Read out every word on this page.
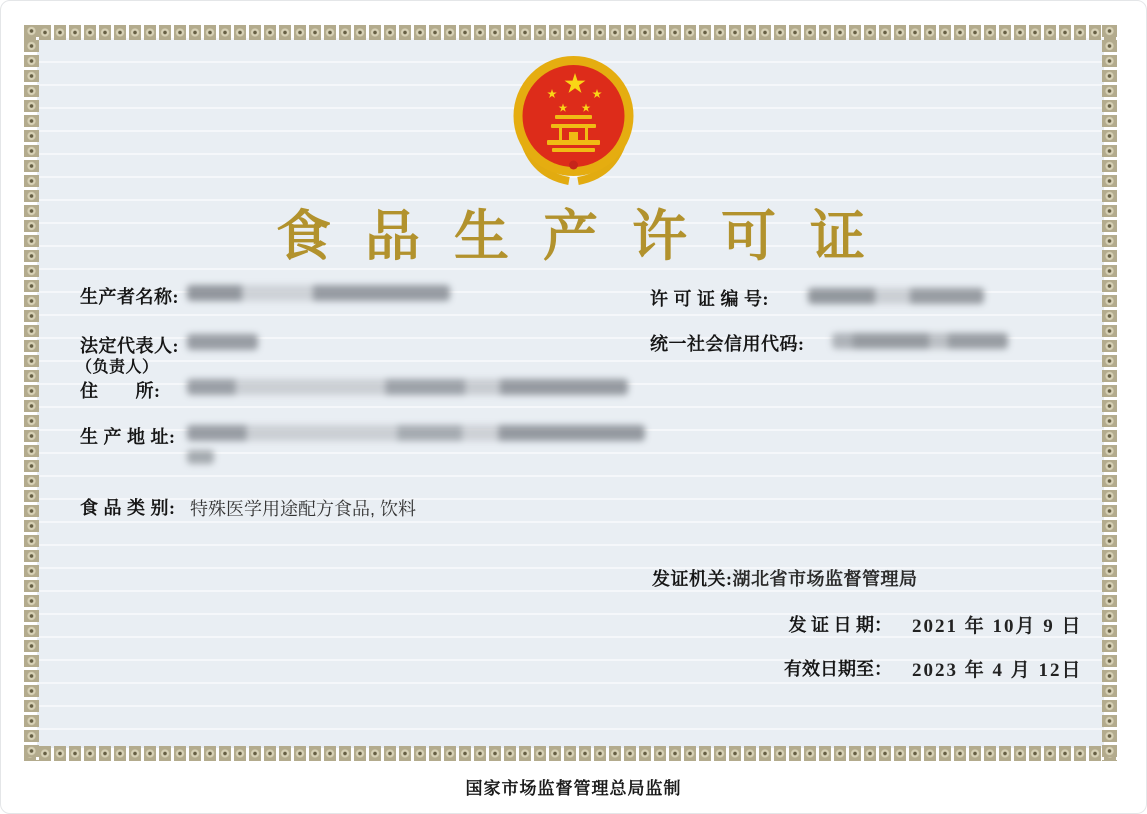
食品生产许可证
生产者名称:
法定代表人:
（负责人）
住　　所:
生 产 地 址:
食 品 类 别: 特殊医学用途配方食品, 饮料
许 可 证 编 号:
统一社会信用代码:
发证机关:湖北省市场监督管理局
发 证 日 期： 2021 年 10月 9 日
有效日期至： 2023 年 4 月 12日
国家市场监督管理总局监制
